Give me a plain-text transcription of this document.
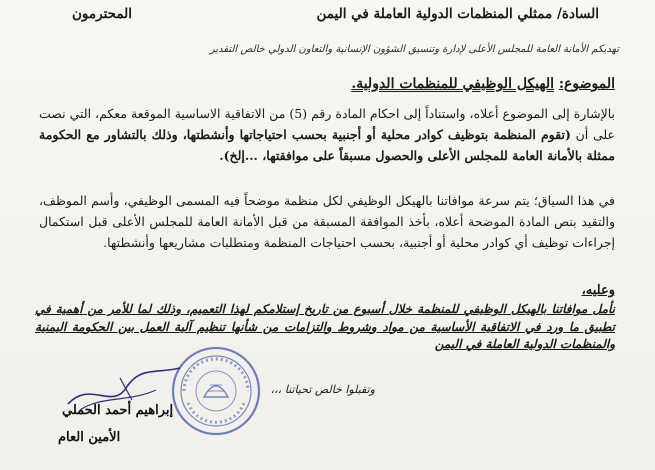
السادة/ ممثلي المنظمات الدولية العاملة في اليمن
المحترمون
تهديكم الأمانة العامة للمجلس الأعلى لإدارة وتنسيق الشؤون الإنسانية والتعاون الدولي خالص التقدير
الموضوع: الهيكل الوظيفي للمنظمات الدولية.
بالإشارة إلى الموضوع أعلاه، واستناداً إلى احكام المادة رقم (5) من الاتفاقية الاساسية الموقعة معكم، التي نصت على أن (تقوم المنظمة بتوظيف كوادر محلية أو أجنبية بحسب احتياجاتها وأنشطتها، وذلك بالتشاور مع الحكومة ممثلة بالأمانة العامة للمجلس الأعلى والحصول مسبقاً على موافقتها، ...إلخ).
في هذا السياق؛ يتم سرعة موافاتنا بالهيكل الوظيفي لكل منظمة موضحاً فيه المسمى الوظيفي، وأسم الموظف، والتقيد بنص المادة الموضحة أعلاه، بأخذ الموافقة المسبقة من قبل الأمانة العامة للمجلس الأعلى قبل استكمال إجراءات توظيف أي كوادر محلية أو أجنبية، بحسب احتياجات المنظمة ومتطلبات مشاريعها وأنشطتها.
وعليه،
نأمل موافاتنا بالهيكل الوظيفي للمنظمة خلال أسبوع من تاريخ إستلامكم لهذا التعميم، وذلك لما للأمر من أهمية في تطبيق ما ورد في الاتفاقية الأساسية من مواد وشروط والتزامات من شأنها تنظيم آلية العمل بين الحكومة اليمنية والمنظمات الدولية العاملة في اليمن
وتقبلوا خالص تحياتنا ،،،
إبراهيم أحمد الحملي
الأمين العام
